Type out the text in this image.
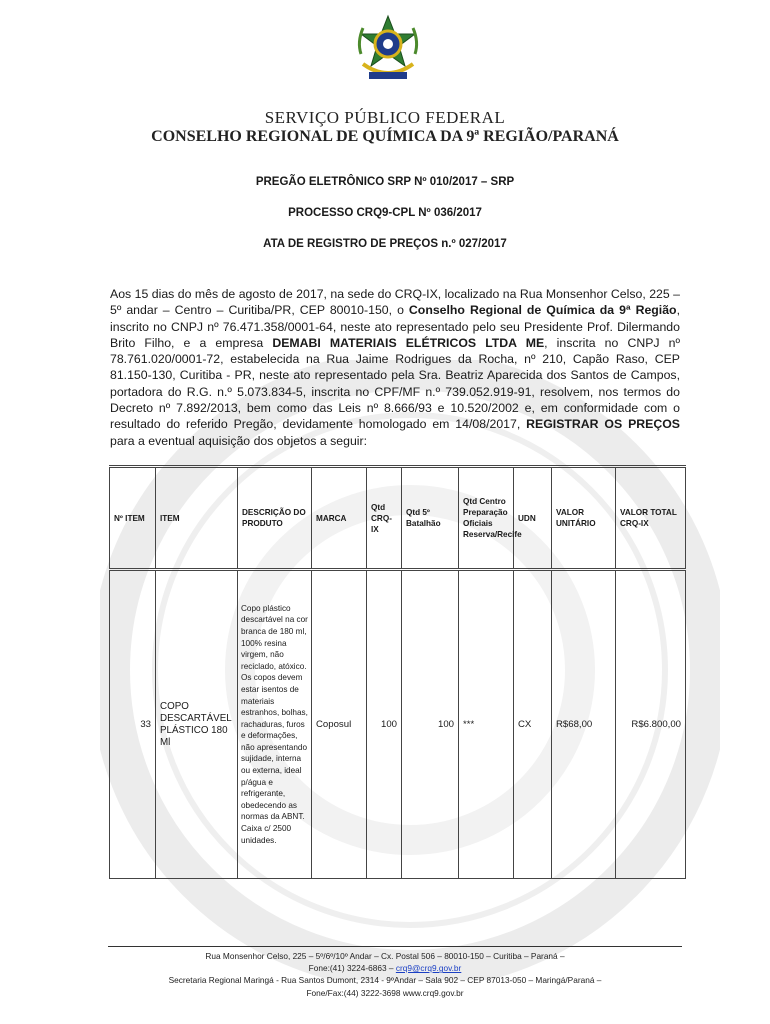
SERVIÇO PÚBLICO FEDERAL
CONSELHO REGIONAL DE QUÍMICA DA 9ª REGIÃO/PARANÁ
PREGÃO ELETRÔNICO SRP Nº 010/2017 – SRP
PROCESSO CRQ9-CPL Nº 036/2017
ATA DE REGISTRO DE PREÇOS n.º 027/2017
Aos 15 dias do mês de agosto de 2017, na sede do CRQ-IX, localizado na Rua Monsenhor Celso, 225 – 5º andar – Centro – Curitiba/PR, CEP 80010-150, o Conselho Regional de Química da 9ª Região, inscrito no CNPJ nº 76.471.358/0001-64, neste ato representado pelo seu Presidente Prof. Dilermando Brito Filho, e a empresa DEMABI MATERIAIS ELÉTRICOS LTDA ME, inscrita no CNPJ nº 78.761.020/0001-72, estabelecida na Rua Jaime Rodrigues da Rocha, nº 210, Capão Raso, CEP 81.150-130, Curitiba - PR, neste ato representado pela Sra. Beatriz Aparecida dos Santos de Campos, portadora do R.G. n.º 5.073.834-5, inscrita no CPF/MF n.º 739.052.919-91, resolvem, nos termos do Decreto nº 7.892/2013, bem como das Leis nº 8.666/93 e 10.520/2002 e, em conformidade com o resultado do referido Pregão, devidamente homologado em 14/08/2017, REGISTRAR OS PREÇOS para a eventual aquisição dos objetos a seguir:
Nº ITEM	ITEM	DESCRIÇÃO DO PRODUTO	MARCA	Qtd CRQ-IX	Qtd 5º Batalhão	Qtd Centro Preparação Oficiais Reserva/Recife	UDN	VALOR UNITÁRIO	VALOR TOTAL CRQ-IX
33	COPO DESCARTÁVEL PLÁSTICO 180 Ml	Copo plástico descartável na cor branca de 180 ml, 100% resina virgem, não reciclado, atóxico. Os copos devem estar isentos de materiais estranhos, bolhas, rachaduras, furos e deformações, não apresentando sujidade, interna ou externa, ideal p/água e refrigerante, obedecendo as normas da ABNT. Caixa c/ 2500 unidades.	Coposul	100	100	***	CX	R$68,00	R$6.800,00
Rua Monsenhor Celso, 225 – 5º/6º/10º Andar – Cx. Postal 506 – 80010-150 – Curitiba – Paraná –
Fone:(41) 3224-6863 – crq9@crq9.gov.br
Secretaria Regional Maringá - Rua Santos Dumont, 2314 - 9ºAndar – Sala 902 – CEP 87013-050 – Maringá/Paraná –
Fone/Fax:(44) 3222-3698 www.crq9.gov.br
